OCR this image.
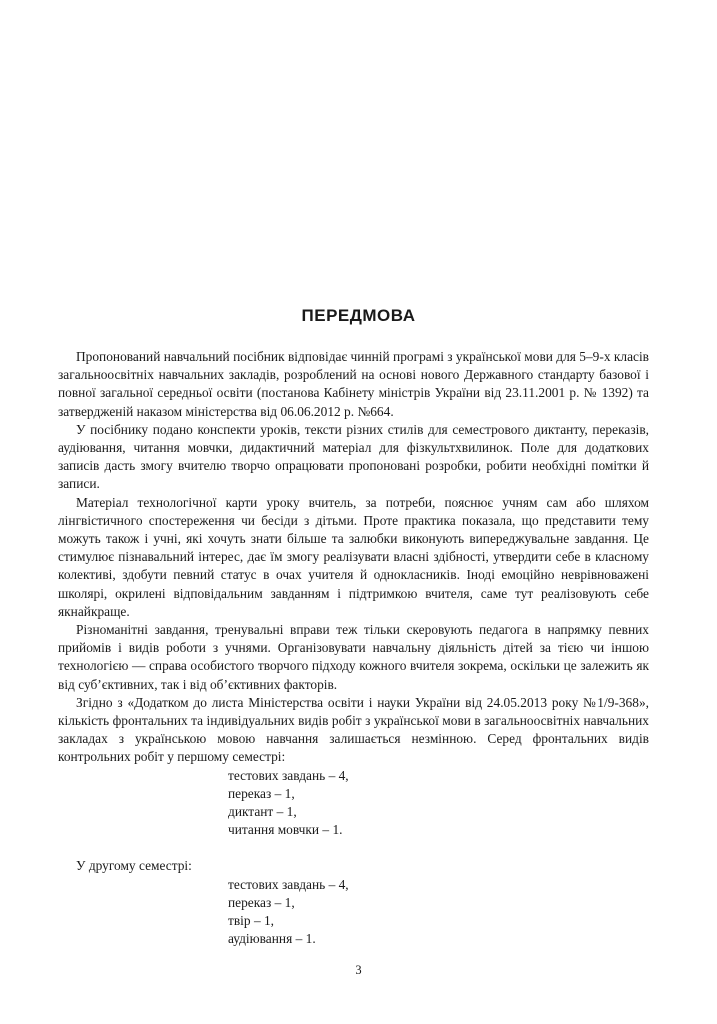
ПЕРЕДМОВА

Пропонований навчальний посібник відповідає чинній програмі з української мови для 5–9-х класів загальноосвітніх навчальних закладів, розроблений на основі нового Державного стандарту базової і повної загальної середньої освіти (постанова Кабінету міністрів України від 23.11.2001 р. № 1392) та затвердженій наказом міністерства від 06.06.2012 р. №664.

У посібнику подано конспекти уроків, тексти різних стилів для семестрового диктанту, переказів, аудіювання, читання мовчки, дидактичний матеріал для фізкультхвилинок. Поле для додаткових записів дасть змогу вчителю творчо опрацювати пропоновані розробки, робити необхідні помітки й записи.

Матеріал технологічної карти уроку вчитель, за потреби, пояснює учням сам або шляхом лінгвістичного спостереження чи бесіди з дітьми. Проте практика показала, що представити тему можуть також і учні, які хочуть знати більше та залюбки виконують випереджувальне завдання. Це стимулює пізнавальний інтерес, дає їм змогу реалізувати власні здібності, утвердити себе в класному колективі, здобути певний статус в очах учителя й однокласників. Іноді емоційно неврівноважені школярі, окрилені відповідальним завданням і підтримкою вчителя, саме тут реалізовують себе якнайкраще.

Різноманітні завдання, тренувальні вправи теж тільки скеровують педагога в напрямку певних прийомів і видів роботи з учнями. Організовувати навчальну діяльність дітей за тією чи іншою технологією — справа особистого творчого підходу кожного вчителя зокрема, оскільки це залежить як від суб’єктивних, так і від об’єктивних факторів.

Згідно з «Додатком до листа Міністерства освіти і науки України від 24.05.2013 року №1/9-368», кількість фронтальних та індивідуальних видів робіт з української мови в загальноосвітніх навчальних закладах з українською мовою навчання залишається незмінною. Серед фронтальних видів контрольних робіт у першому семестрі:

тестових завдань – 4,
переказ – 1,
диктант – 1,
читання мовчки – 1.

У другому семестрі:

тестових завдань – 4,
переказ – 1,
твір – 1,
аудіювання – 1.
3
